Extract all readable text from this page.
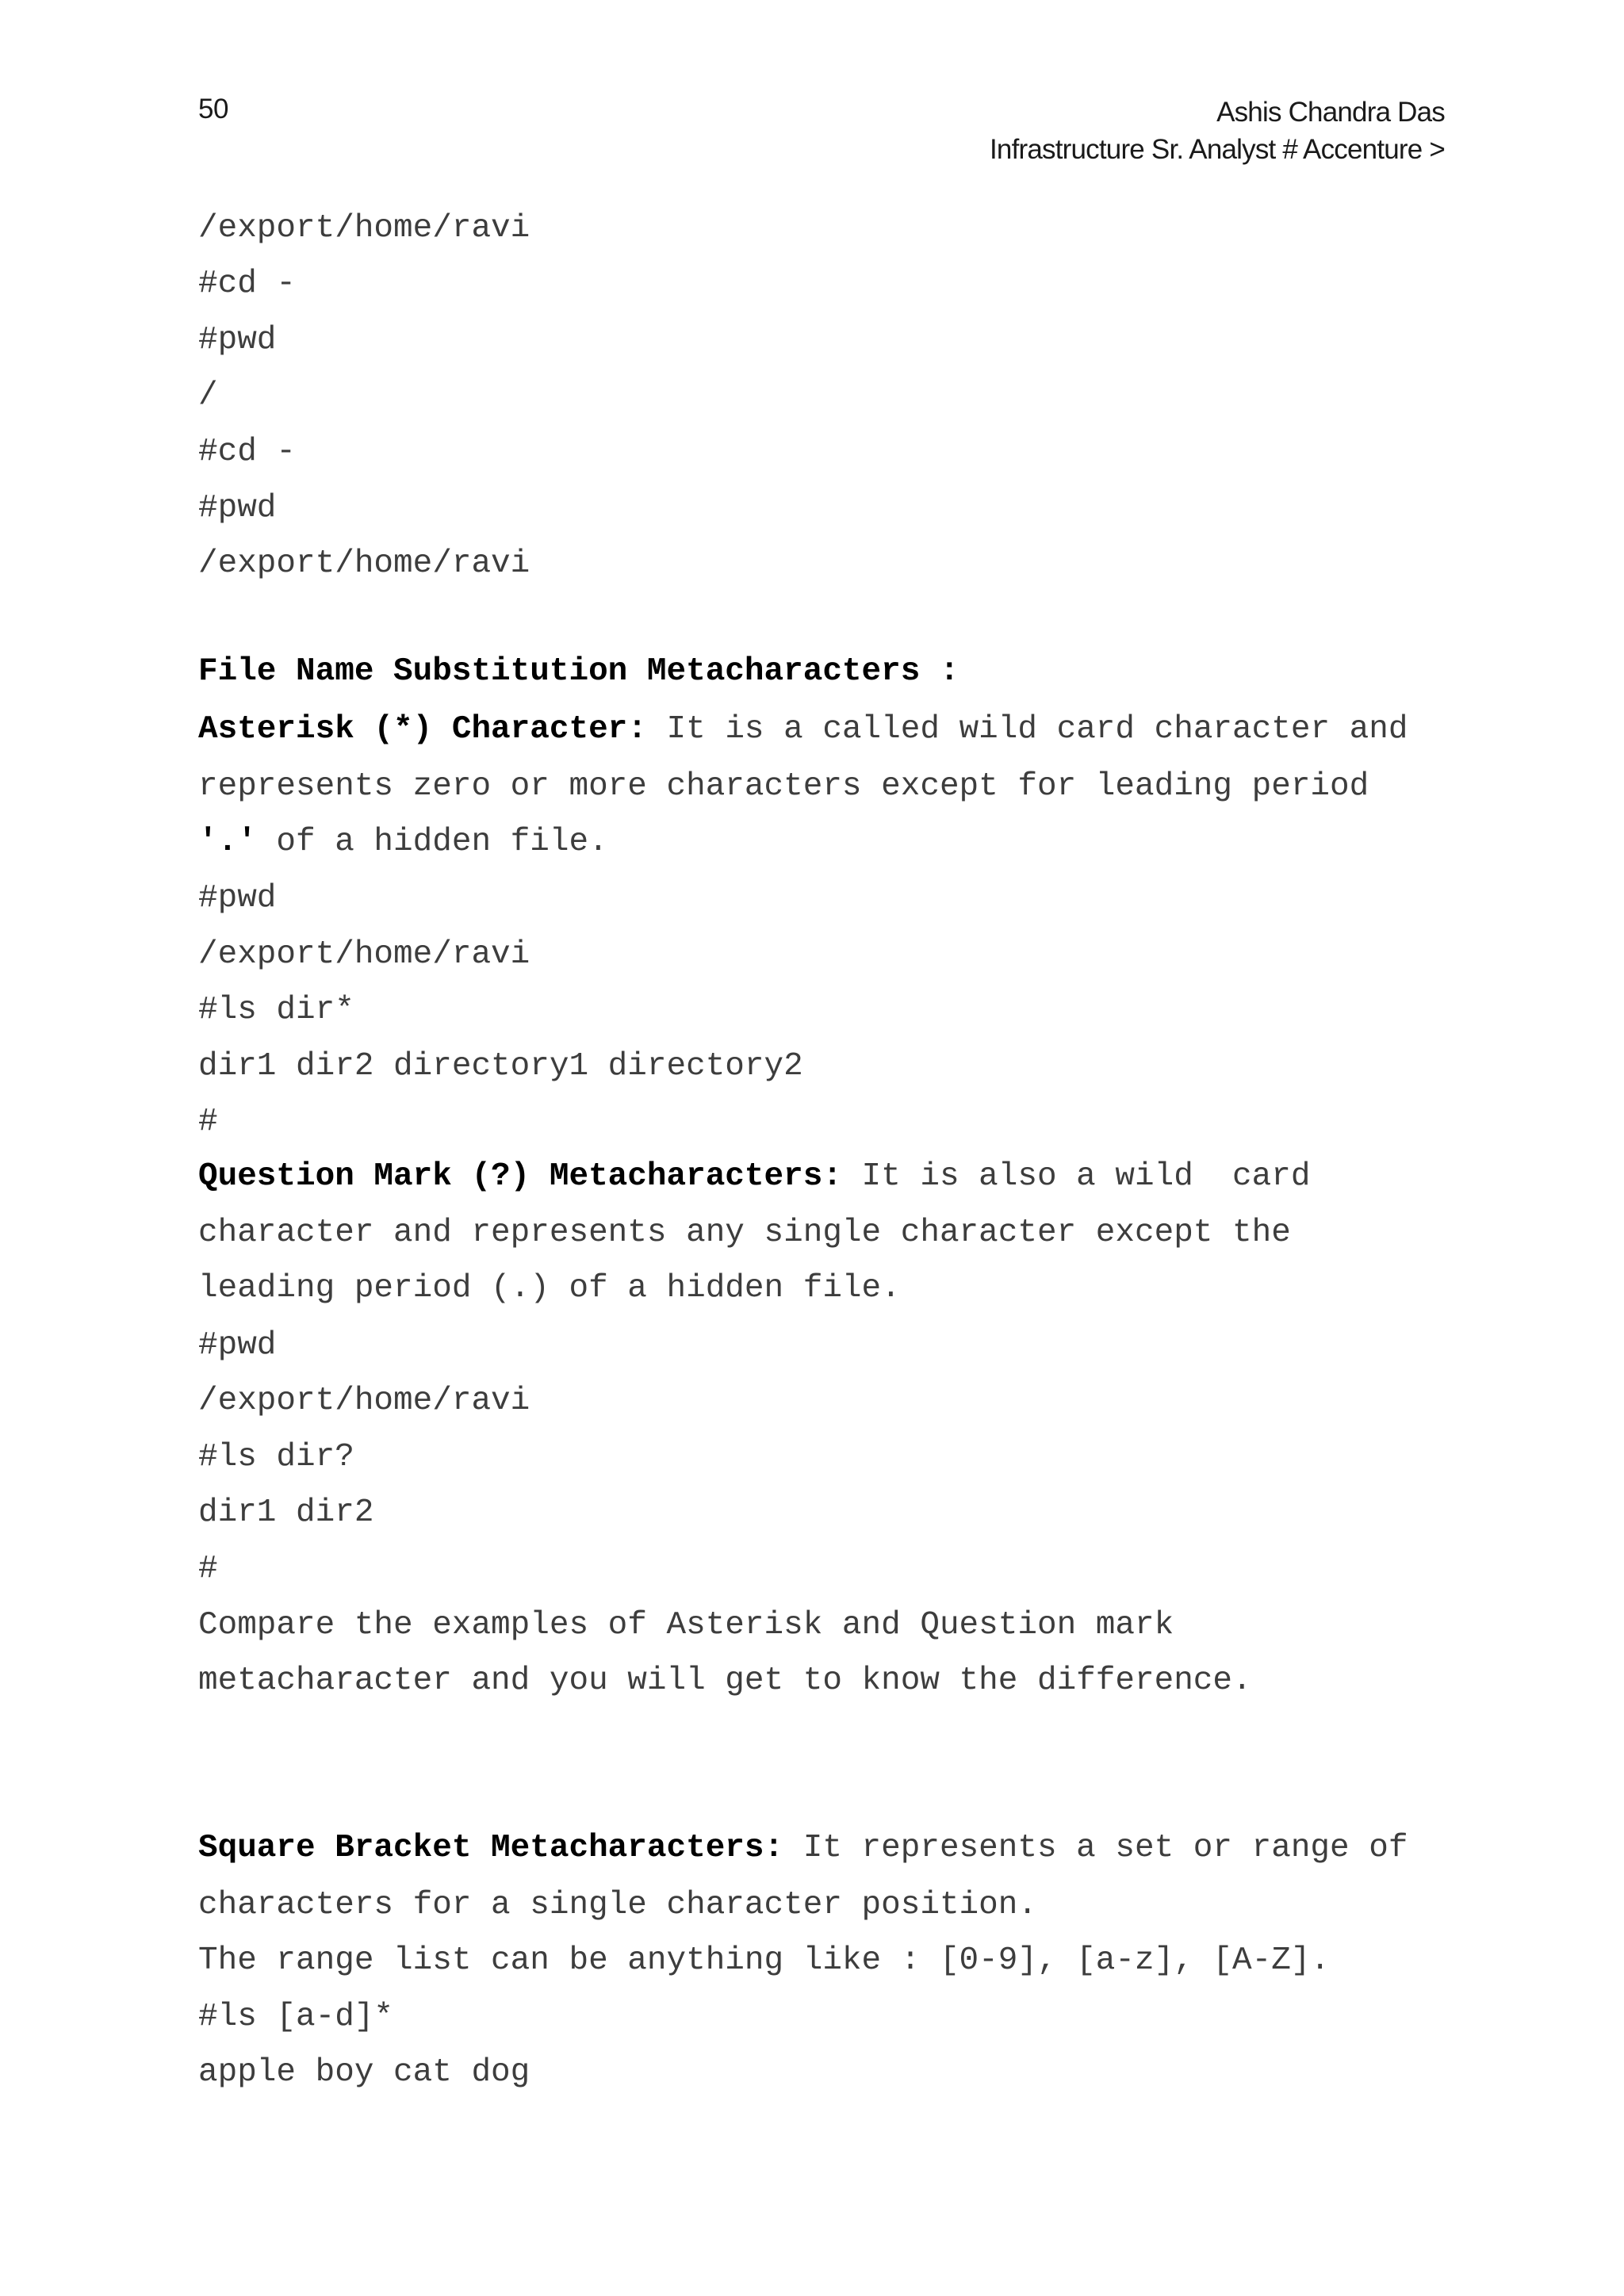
50	Ashis Chandra Das
Infrastructure Sr. Analyst # Accenture >
/export/home/ravi
#cd -
#pwd
/
#cd -
#pwd
/export/home/ravi
File Name Substitution Metacharacters :
Asterisk (*) Character: It is a called wild card character and
represents zero or more characters except for leading period
'.' of a hidden file.
#pwd
/export/home/ravi
#ls dir*
dir1 dir2 directory1 directory2
#
Question Mark (?) Metacharacters: It is also a wild  card
character and represents any single character except the
leading period (.) of a hidden file.
#pwd
/export/home/ravi
#ls dir?
dir1 dir2
#
Compare the examples of Asterisk and Question mark
metacharacter and you will get to know the difference.
Square Bracket Metacharacters: It represents a set or range of
characters for a single character position.
The range list can be anything like : [0-9], [a-z], [A-Z].
#ls [a-d]*
apple boy cat dog
